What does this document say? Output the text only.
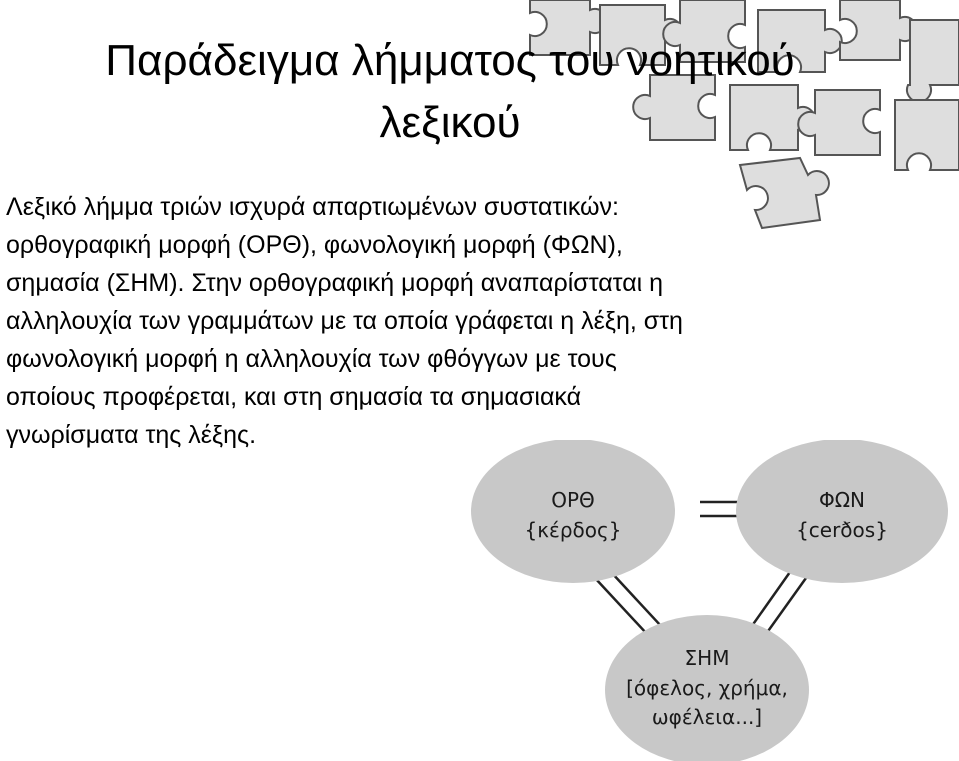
Παράδειγμα λήμματος του νοητικού
λεξικού
Λεξικό λήμμα τριών ισχυρά απαρτιωμένων συστατικών:
ορθογραφική μορφή (ΟΡΘ), φωνολογική μορφή (ΦΩΝ),
σημασία (ΣΗΜ). Στην ορθογραφική μορφή αναπαρίσταται η
αλληλουχία των γραμμάτων με τα οποία γράφεται η λέξη, στη
φωνολογική μορφή η αλληλουχία των φθόγγων με τους
οποίους προφέρεται, και στη σημασία τα σημασιακά
γνωρίσματα της λέξης.
ΟΡΘ
{κέρδος}
ΦΩΝ
{cerðos}
ΣΗΜ
[όφελος, χρήμα,
ωφέλεια...]
